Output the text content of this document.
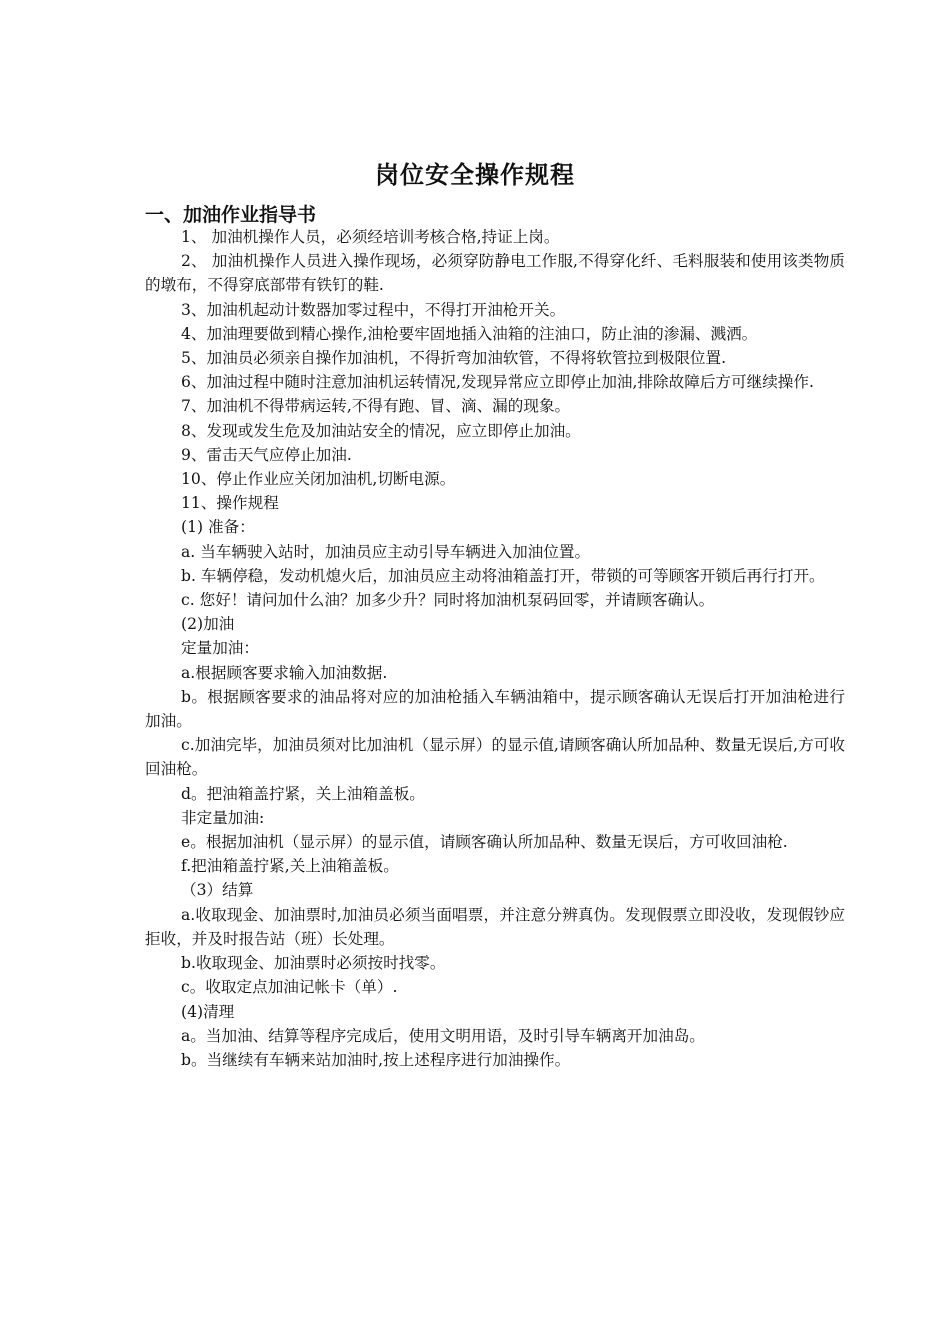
岗位安全操作规程
一、加油作业指导书

1、 加油机操作人员，必须经培训考核合格,持证上岗。

2、 加油机操作人员进入操作现场，必须穿防静电工作服,不得穿化纤、毛料服装和使用该类物质的墩布，不得穿底部带有铁钉的鞋.

3、加油机起动计数器加零过程中，不得打开油枪开关。

4、加油理要做到精心操作,油枪要牢固地插入油箱的注油口，防止油的渗漏、溅洒。

5、加油员必须亲自操作加油机，不得折弯加油软管，不得将软管拉到极限位置.

6、加油过程中随时注意加油机运转情况,发现异常应立即停止加油,排除故障后方可继续操作.

7、加油机不得带病运转,不得有跑、冒、滴、漏的现象。

8、发现或发生危及加油站安全的情况，应立即停止加油。

9、雷击天气应停止加油.

10、停止作业应关闭加油机,切断电源。

11、操作规程

(1) 准备：

a. 当车辆驶入站时，加油员应主动引导车辆进入加油位置。

b. 车辆停稳，发动机熄火后，加油员应主动将油箱盖打开，带锁的可等顾客开锁后再行打开。

c. 您好！请问加什么油？加多少升？同时将加油机泵码回零，并请顾客确认。

(2)加油

定量加油：

a.根据顾客要求输入加油数据.

b。根据顾客要求的油品将对应的加油枪插入车辆油箱中，提示顾客确认无误后打开加油枪进行加油。

c.加油完毕，加油员须对比加油机（显示屏）的显示值,请顾客确认所加品种、数量无误后,方可收回油枪。

d。把油箱盖拧紧，关上油箱盖板。

非定量加油:

e。根据加油机（显示屏）的显示值，请顾客确认所加品种、数量无误后，方可收回油枪.

f.把油箱盖拧紧,关上油箱盖板。

（3）结算

a.收取现金、加油票时,加油员必须当面唱票，并注意分辨真伪。发现假票立即没收，发现假钞应拒收，并及时报告站（班）长处理。

b.收取现金、加油票时必须按时找零。

c。收取定点加油记帐卡（单）.

(4)清理

a。当加油、结算等程序完成后，使用文明用语，及时引导车辆离开加油岛。

b。当继续有车辆来站加油时,按上述程序进行加油操作。
